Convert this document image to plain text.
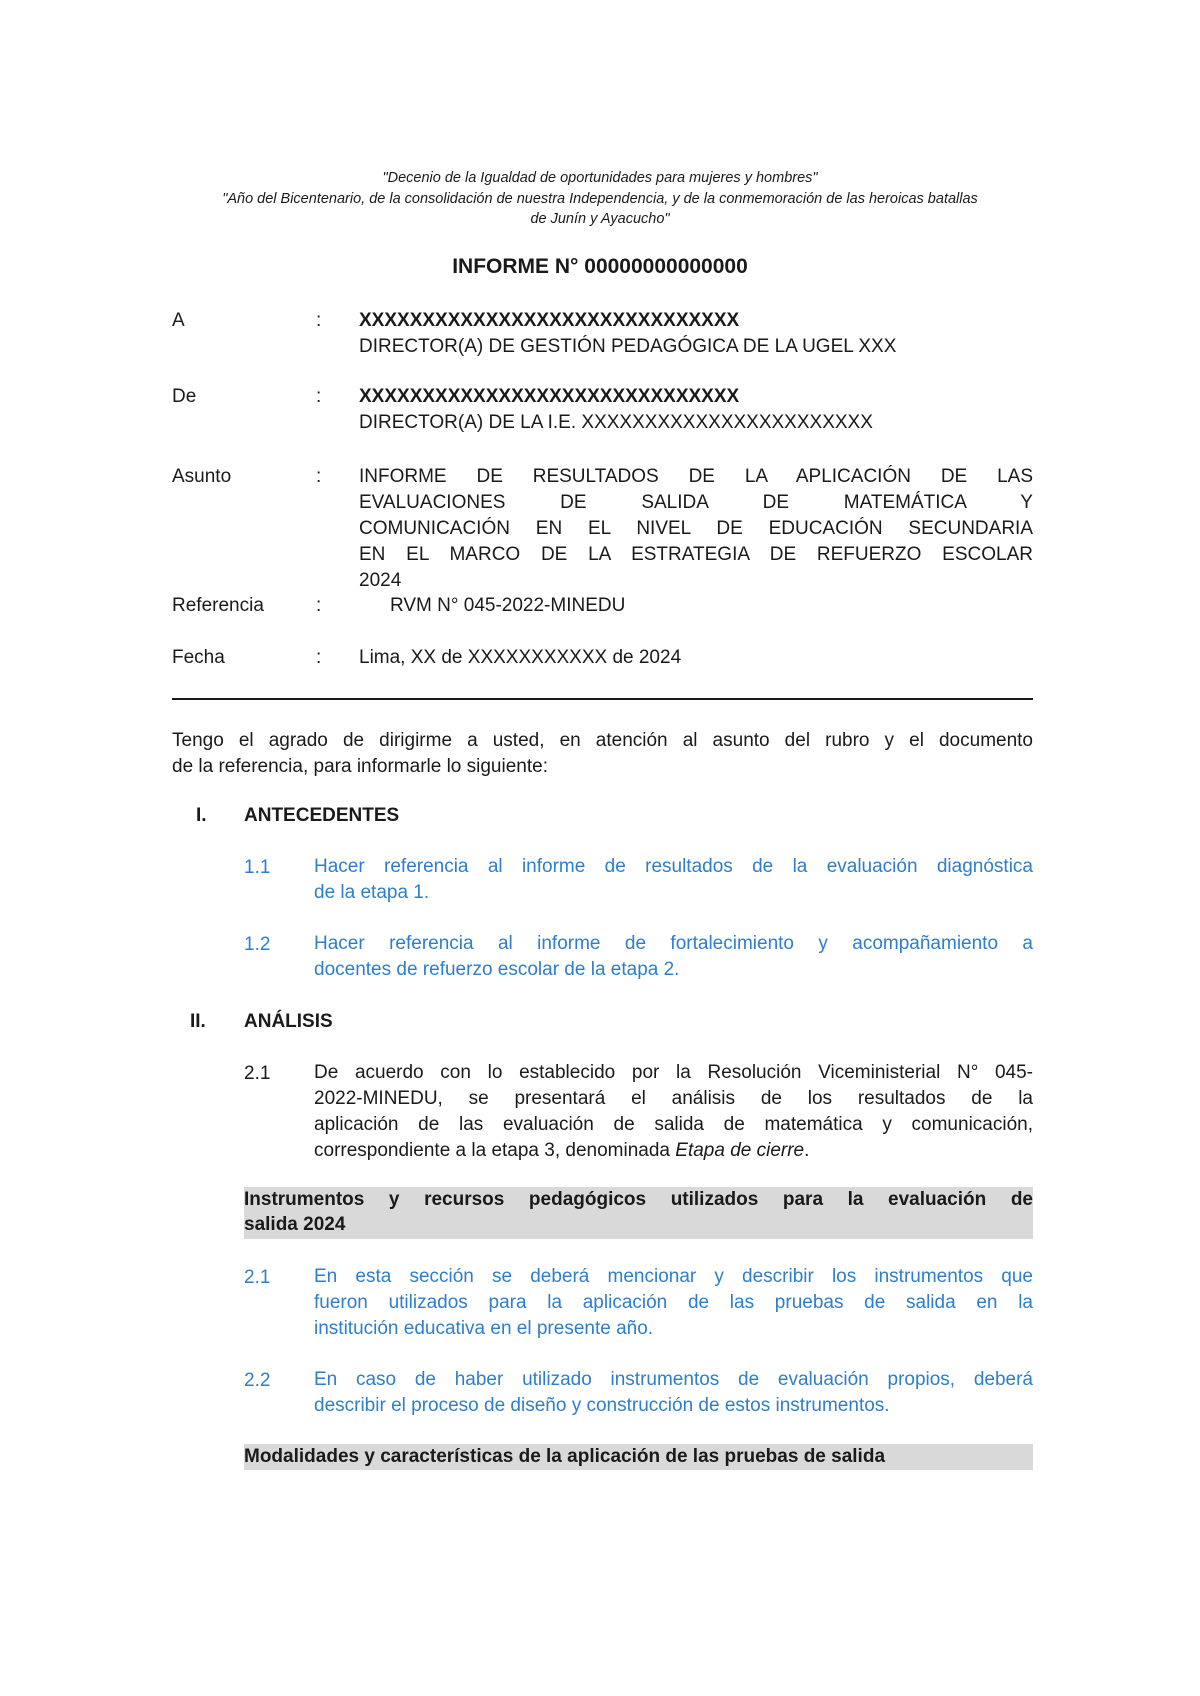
"Decenio de la Igualdad de oportunidades para mujeres y hombres"
"Año del Bicentenario, de la consolidación de nuestra Independencia, y de la conmemoración de las heroicas batallas
de Junín y Ayacucho"
INFORME N° 00000000000000
A	: XXXXXXXXXXXXXXXXXXXXXXXXXXXXXX
DIRECTOR(A) DE GESTIÓN PEDAGÓGICA DE LA UGEL XXX
De	: XXXXXXXXXXXXXXXXXXXXXXXXXXXXXX
DIRECTOR(A) DE LA I.E. XXXXXXXXXXXXXXXXXXXXXXX
Asunto	: INFORME DE RESULTADOS DE LA APLICACIÓN DE LAS
EVALUACIONES DE SALIDA DE MATEMÁTICA Y
COMUNICACIÓN EN EL NIVEL DE EDUCACIÓN SECUNDARIA
EN EL MARCO DE LA ESTRATEGIA DE REFUERZO ESCOLAR
2024
Referencia	:	RVM N° 045-2022-MINEDU
Fecha	: Lima, XX de XXXXXXXXXXX de 2024
Tengo el agrado de dirigirme a usted, en atención al asunto del rubro y el documento
de la referencia, para informarle lo siguiente:
I. ANTECEDENTES
1.1 Hacer referencia al informe de resultados de la evaluación diagnóstica
de la etapa 1.
1.2 Hacer referencia al informe de fortalecimiento y acompañamiento a
docentes de refuerzo escolar de la etapa 2.
II. ANÁLISIS
2.1 De acuerdo con lo establecido por la Resolución Viceministerial N° 045-
2022-MINEDU, se presentará el análisis de los resultados de la
aplicación de las evaluación de salida de matemática y comunicación,
correspondiente a la etapa 3, denominada Etapa de cierre.
Instrumentos y recursos pedagógicos utilizados para la evaluación de
salida 2024
2.1 En esta sección se deberá mencionar y describir los instrumentos que
fueron utilizados para la aplicación de las pruebas de salida en la
institución educativa en el presente año.
2.2 En caso de haber utilizado instrumentos de evaluación propios, deberá
describir el proceso de diseño y construcción de estos instrumentos.
Modalidades y características de la aplicación de las pruebas de salida
